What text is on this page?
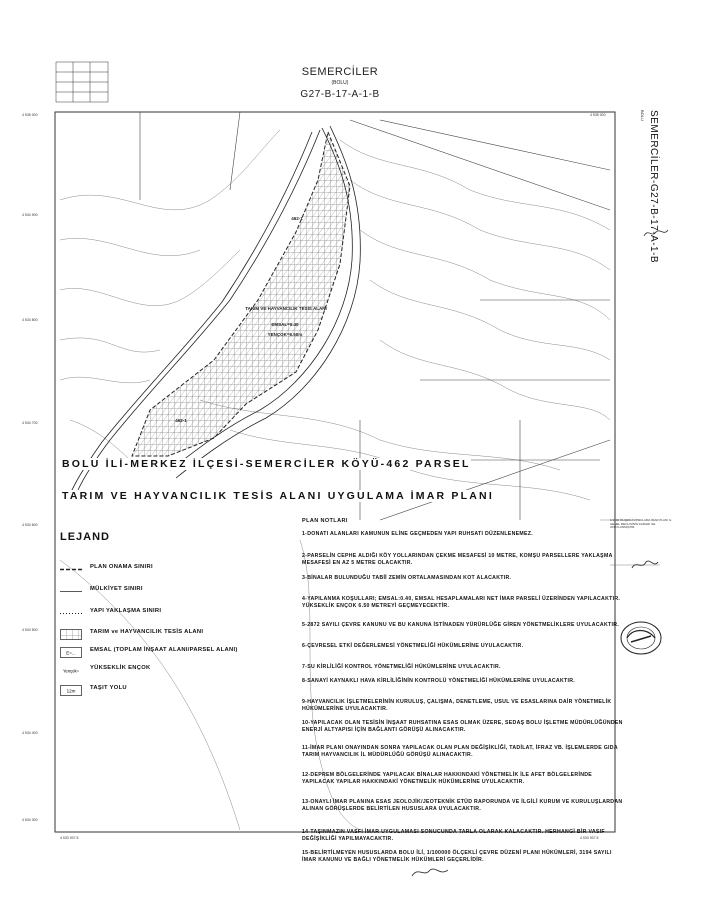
SEMERCİLER
(BOLU)
G27-B-17-A-1-B
SEMERCİLER-G27-B-17-A-1-B
BOLU
TARIM VE HAYVANCILIK TESİS ALANI
EMSAL=0.40
YENÇOK=6.50m
462-1
462-1
4 535 000
4 534 900
4 534 800
4 534 700
4 534 600
4 534 500
4 534 400
4 534 300
4 535 000
4 533 937.5	4 533 937.5
BOLU İLİ-MERKEZ İLÇESİ-SEMERCİLER KÖYÜ-462 PARSEL
TARIM VE HAYVANCILIK TESİS ALANI UYGULAMA İMAR PLANI
LEJAND
PLAN ONAMA SINIRI
MÜLKİYET SINIRI
YAPI YAKLAŞMA SINIRI
TARIM ve HAYVANCILIK TESİS ALANI
E=... EMSAL (TOPLAM İNŞAAT ALANI/PARSEL ALANI)
Yençok= YÜKSEKLİK ENÇOK
12m	TAŞIT YOLU
PLAN NOTLARI
1-DONATI ALANLARI KAMUNUN ELİNE GEÇMEDEN YAPI RUHSATI DÜZENLENEMEZ.
2-PARSELİN CEPHE ALDIĞI KÖY YOLLARINDAN ÇEKME MESAFESİ 10 METRE, KOMŞU PARSELLERE YAKLAŞMA MESAFESİ EN AZ 5 METRE OLACAKTIR.
3-BİNALAR BULUNDUĞU TABİİ ZEMİN ORTALAMASINDAN KOT ALACAKTIR.
4-YAPILANMA KOŞULLARI; EMSAL:0.40, EMSAL HESAPLAMALARI NET İMAR PARSELİ ÜZERİNDEN YAPILACAKTIR. YÜKSEKLİK ENÇOK 6.50 METREYİ GEÇMEYECEKTİR.
5-2872 SAYILI ÇEVRE KANUNU VE BU KANUNA İSTİNADEN YÜRÜRLÜĞE GİREN YÖNETMELİKLERE UYULACAKTIR.
6-ÇEVRESEL ETKİ DEĞERLEMESİ YÖNETMELİĞİ HÜKÜMLERİNE UYULACAKTIR.
7-SU KİRLİLİĞİ KONTROL YÖNETMELİĞİ HÜKÜMLERİNE UYULACAKTIR.
8-SANAYİ KAYNAKLI HAVA KİRLİLİĞİNİN KONTROLÜ YÖNETMELİĞİ HÜKÜMLERİNE UYULACAKTIR.
9-HAYVANCILIK İŞLETMELERİNİN KURULUŞ, ÇALIŞMA, DENETLEME, USUL VE ESASLARINA DAİR YÖNETMELİK HÜKÜMLERİNE UYULACAKTIR.
10-YAPILACAK OLAN TESİSİN İNŞAAT RUHSATINA ESAS OLMAK ÜZERE, SEDAŞ BOLU İŞLETME MÜDÜRLÜĞÜNDEN ENERJİ ALTYAPISI İÇİN BAĞLANTI GÖRÜŞÜ ALINACAKTIR.
11-İMAR PLANI ONAYINDAN SONRA YAPILACAK OLAN PLAN DEĞİŞİKLİĞİ, TADİLAT, İFRAZ VB. İŞLEMLERDE GIDA TARIM HAYVANCILIK İL MÜDÜRLÜĞÜ GÖRÜŞÜ ALINACAKTIR.
12-DEPREM BÖLGELERİNDE YAPILACAK BİNALAR HAKKINDAKİ YÖNETMELİK İLE AFET BÖLGELERİNDE YAPILACAK YAPILAR HAKKINDAKİ YÖNETMELİK HÜKÜMLERİNE UYULACAKTIR.
13-ONAYLI İMAR PLANINA ESAS JEOLOJİK/JEOTEKNİK ETÜD RAPORUNDA VE İLGİLİ KURUM VE KURULUŞLARDAN ALINAN GÖRÜŞLERDE BELİRTİLEN HUSUSLARA UYULACAKTIR.
14-TAŞINMAZIN VASFI İMAR UYGULAMASI SONUCUNDA TARLA OLARAK KALACAKTIR. HERHANGİ BİR VASIF DEĞİŞİKLİĞİ YAPILMAYACAKTIR.
15-BELİRTİLMEYEN HUSUSLARDA BOLU İLİ, 1/100000 ÖLÇEKLİ ÇEVRE DÜZENİ PLANI HÜKÜMLERİ, 3194 SAYILI İMAR KANUNU VE BAĞLI YÖNETMELİK HÜKÜMLERİ GEÇERLİDİR.
1/1000 ÖLÇEKLİ UYGULAMA İMAR PLANI İL GENEL MECLİSİNİN KARARI İLE ONAYLANMIŞTIR.
